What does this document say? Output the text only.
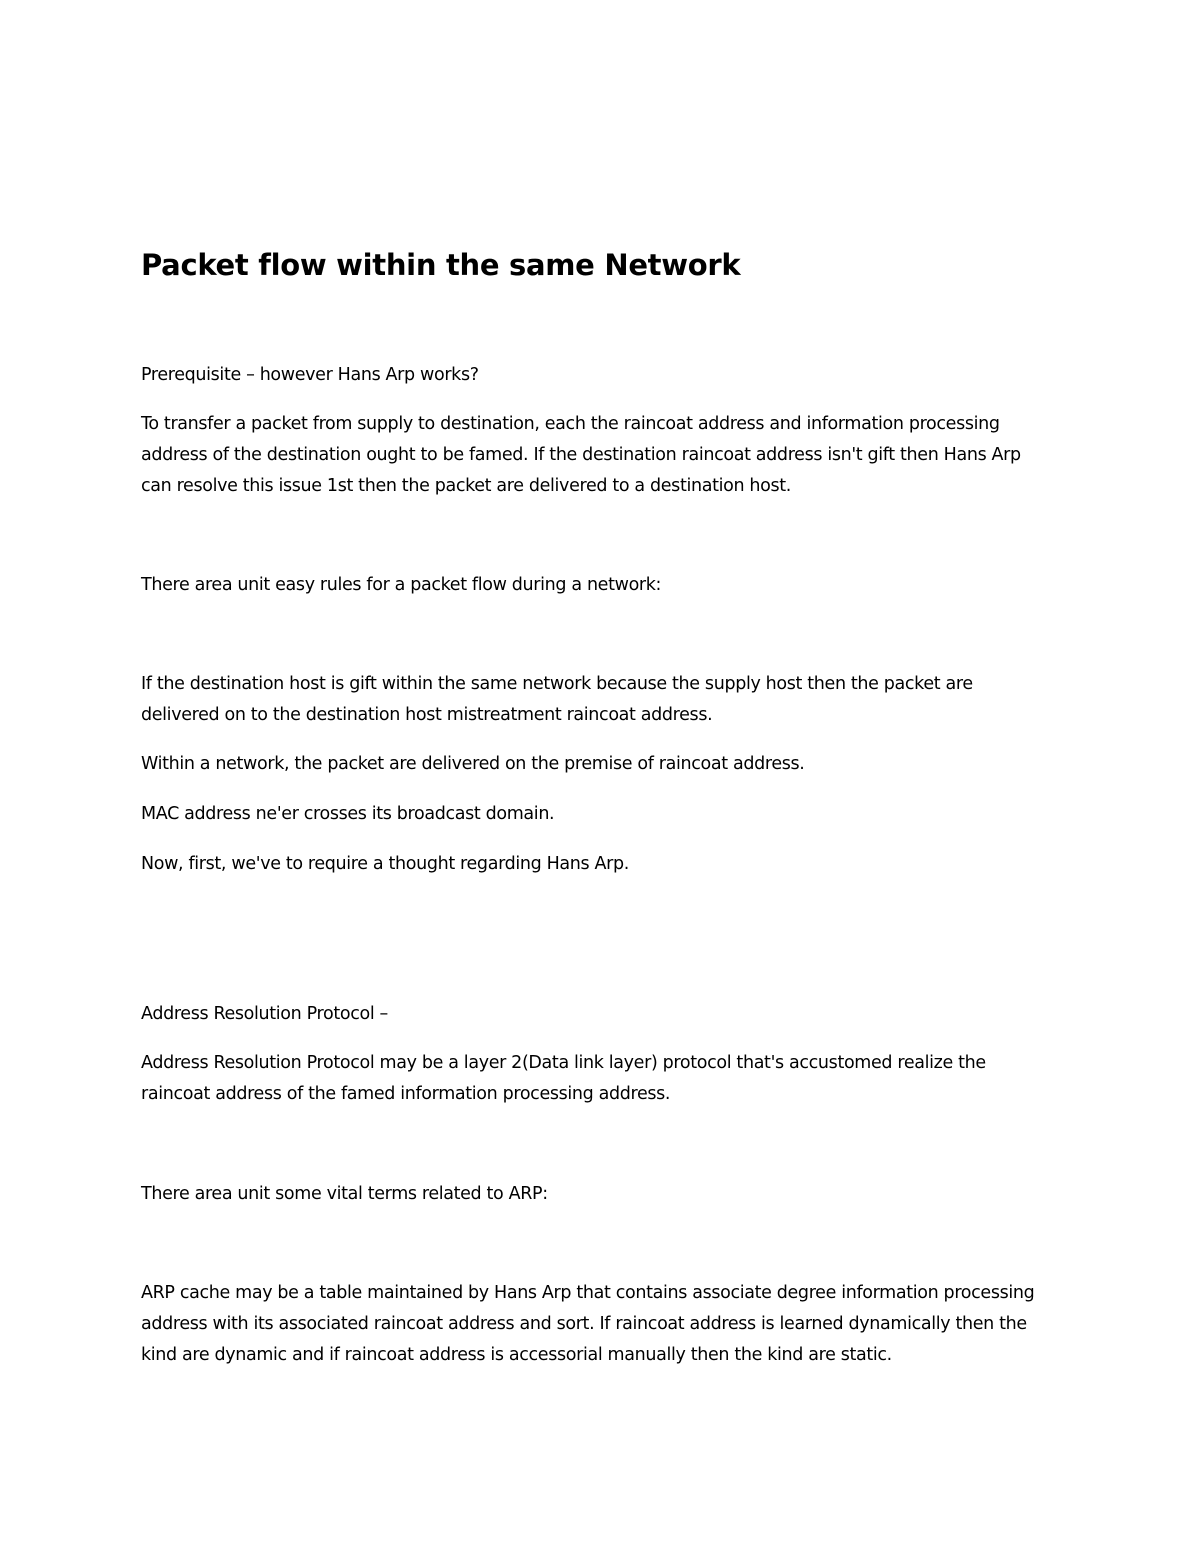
Packet flow within the same Network

Prerequisite – however Hans Arp works?

To transfer a packet from supply to destination, each the raincoat address and information processing
address of the destination ought to be famed. If the destination raincoat address isn't gift then Hans Arp
can resolve this issue 1st then the packet are delivered to a destination host.

There area unit easy rules for a packet flow during a network:

If the destination host is gift within the same network because the supply host then the packet are
delivered on to the destination host mistreatment raincoat address.

Within a network, the packet are delivered on the premise of raincoat address.

MAC address ne'er crosses its broadcast domain.

Now, first, we've to require a thought regarding Hans Arp.

Address Resolution Protocol –

Address Resolution Protocol may be a layer 2(Data link layer) protocol that's accustomed realize the
raincoat address of the famed information processing address.

There area unit some vital terms related to ARP:

ARP cache may be a table maintained by Hans Arp that contains associate degree information processing
address with its associated raincoat address and sort. If raincoat address is learned dynamically then the
kind are dynamic and if raincoat address is accessorial manually then the kind are static.
